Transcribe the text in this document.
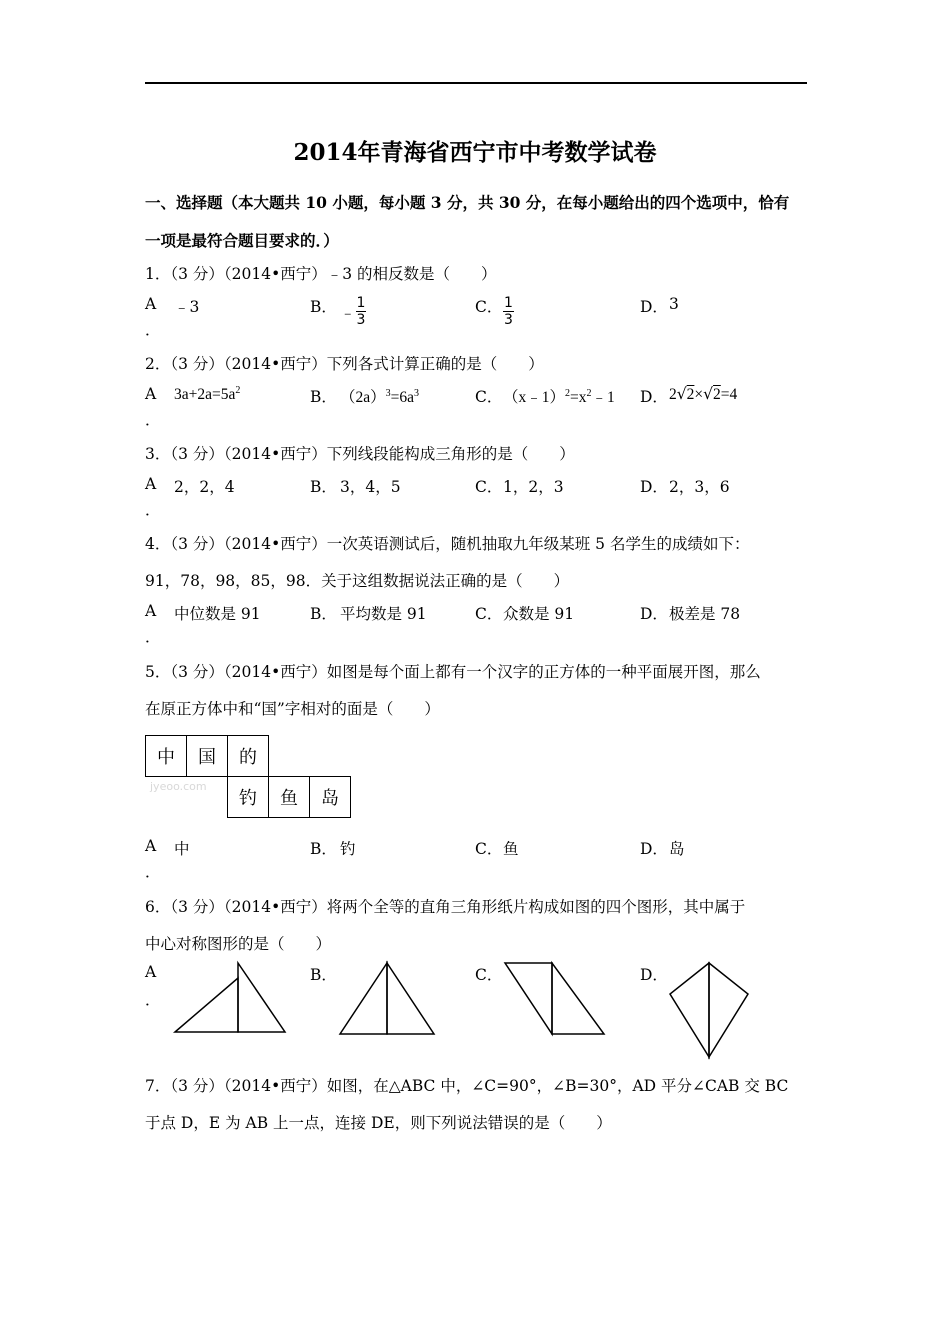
2014年青海省西宁市中考数学试卷
一、选择题（本大题共 10 小题，每小题 3 分，共 30 分，在每小题给出的四个选项中，恰有
一项是最符合题目要求的．）
1．（3 分）（2014•西宁）﹣3 的相反数是（　　）
A ﹣3
．
B． ﹣ $\frac{1}{3}$	C． $\frac{1}{3}$	D． 3
2．（3 分）（2014•西宁）下列各式计算正确的是（　　）
A $3a+2a=5a^2$
．
B． $(2a)^3=6a^3$	C． $(x﹣1)^2=x^2﹣1$ D． 2√2×√2=4
3．（3 分）（2014•西宁）下列线段能构成三角形的是（　　）
A 2，2，4
．
B． 3，4，5	C． 1，2，3	D． 2，3，6
4．（3 分）（2014•西宁）一次英语测试后，随机抽取九年级某班 5 名学生的成绩如下：
91，78，98，85，98．关于这组数据说法正确的是（　　）
A 中位数是 91
．
B． 平均数是 91	C． 众数是 91	D． 极差是 78
5．（3 分）（2014•西宁）如图是每个面上都有一个汉字的正方体的一种平面展开图，那么
在原正方体中和“国”字相对的面是（　　）
中	国	的		
		钓	鱼	岛
jyeoo.com
A 中
．
B． 钓	C． 鱼	D． 岛
6．（3 分）（2014•西宁）将两个全等的直角三角形纸片构成如图的四个图形，其中属于
中心对称图形的是（　　）
A
．
B．	C．	D．
7．（3 分）（2014•西宁）如图，在△ABC 中，∠C=90°，∠B=30°，AD 平分∠CAB 交 BC
于点 D，E 为 AB 上一点，连接 DE，则下列说法错误的是（　　）
